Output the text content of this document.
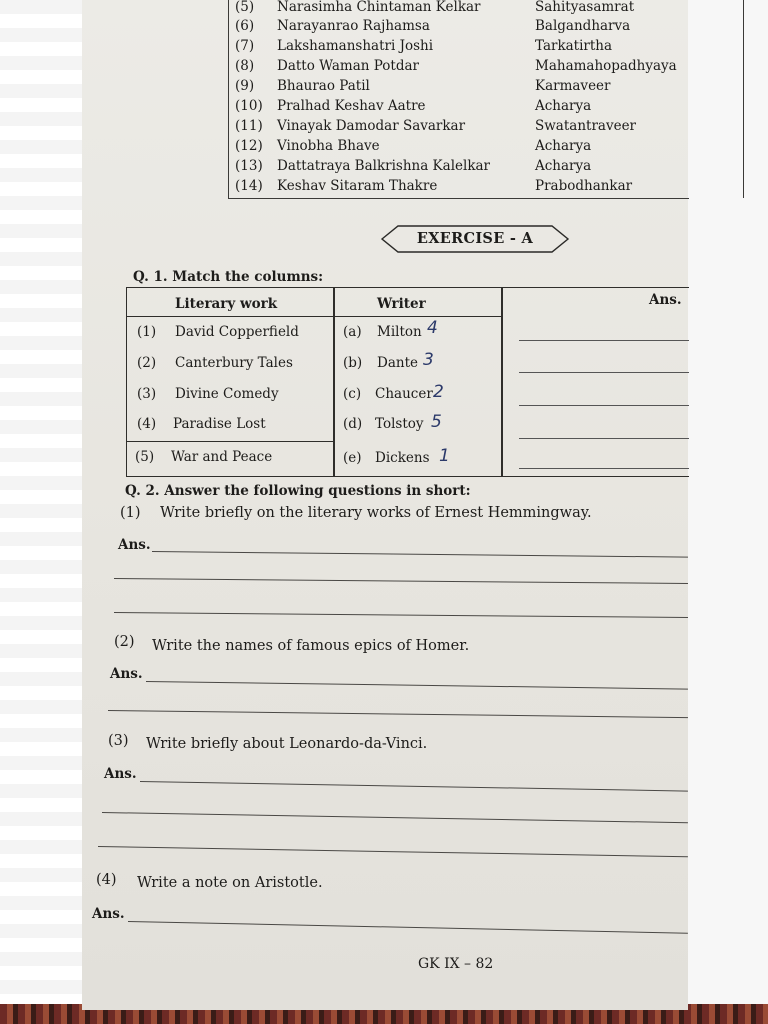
(5) Narasimha Chintaman Kelkar	Sahityasamrat
(6) Narayanrao Rajhamsa	Balgandharva
(7) Lakshamanshatri Joshi	Tarkatirtha
(8) Datto Waman Potdar	Mahamahopadhyaya
(9) Bhaurao Patil	Karmaveer
(10) Pralhad Keshav Aatre	Acharya
(11) Vinayak Damodar Savarkar	Swatantraveer
(12) Vinobha Bhave	Acharya
(13) Dattatraya Balkrishna Kalelkar	Acharya
(14) Keshav Sitaram Thakre	Prabodhankar
EXERCISE - A
Q. 1. Match the columns:
Literary work	Writer	Ans.
(1) David Copperfield	(a) Milton 4
(2) Canterbury Tales	(b) Dante 3
(3) Divine Comedy	(c) Chaucer 2
(4) Paradise Lost	(d) Tolstoy 5
(5) War and Peace	(e) Dickens 1
Q. 2. Answer the following questions in short:
(1) Write briefly on the literary works of Ernest Hemmingway.
Ans.
(2) Write the names of famous epics of Homer.
Ans.
(3) Write briefly about Leonardo-da-Vinci.
Ans.
(4) Write a note on Aristotle.
Ans.
GK IX – 82
